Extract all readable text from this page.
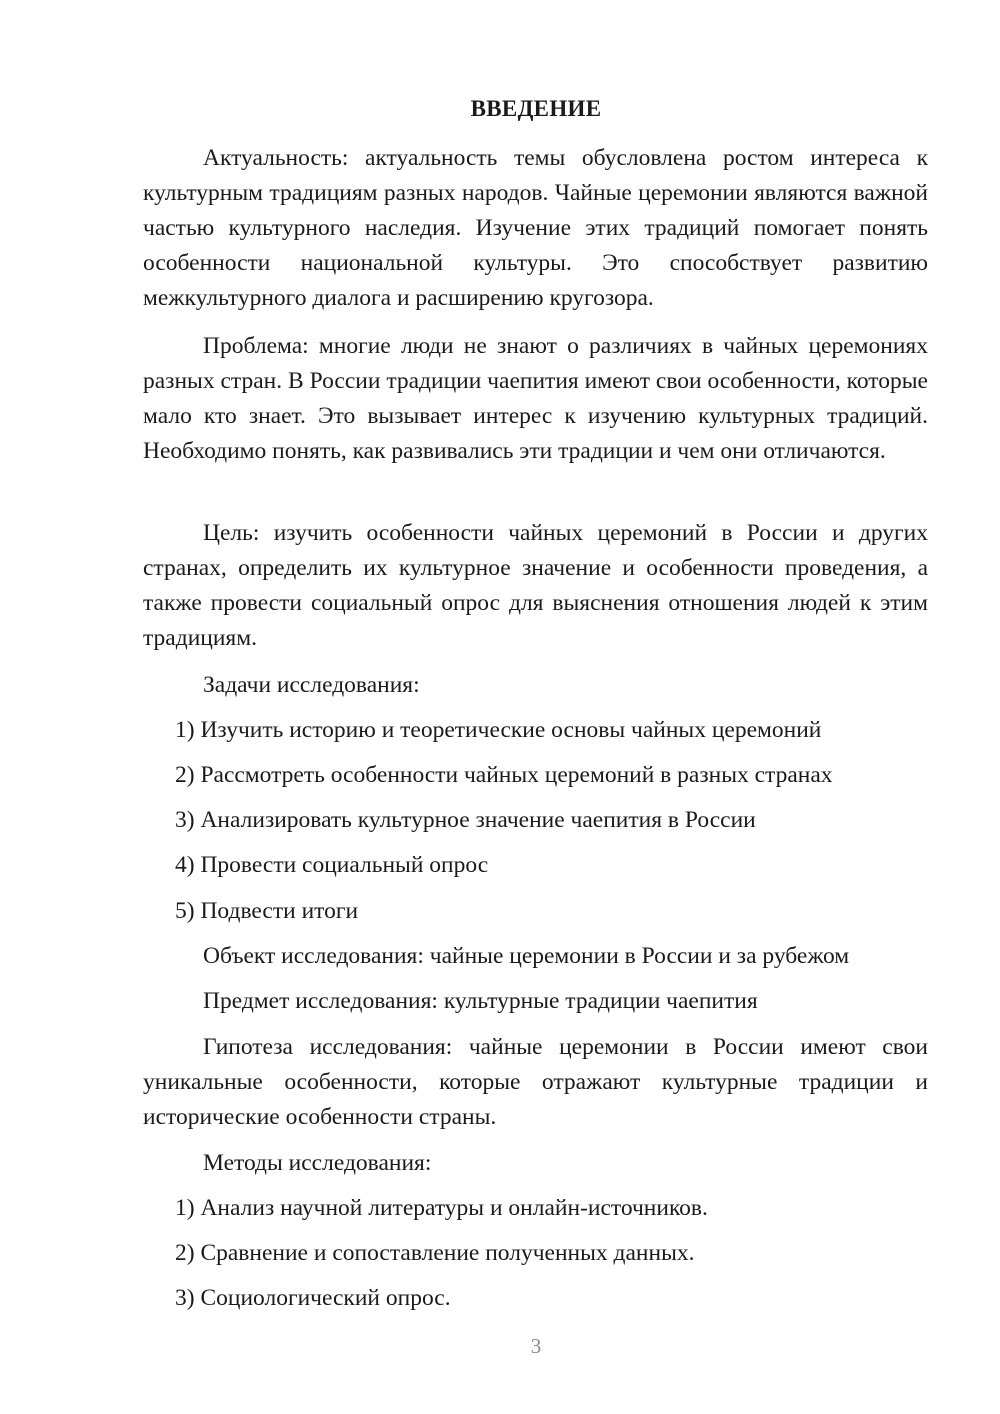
ВВЕДЕНИЕ

Актуальность: актуальность темы обусловлена ростом интереса к культурным традициям разных народов. Чайные церемонии являются важной частью культурного наследия. Изучение этих традиций помогает понять особенности национальной культуры. Это способствует развитию межкультурного диалога и расширению кругозора.

Проблема: многие люди не знают о различиях в чайных церемониях разных стран. В России традиции чаепития имеют свои особенности, которые мало кто знает. Это вызывает интерес к изучению культурных традиций. Необходимо понять, как развивались эти традиции и чем они отличаются.

Цель: изучить особенности чайных церемоний в России и других странах, определить их культурное значение и особенности проведения, а также провести социальный опрос для выяснения отношения людей к этим традициям.

Задачи исследования:
1) Изучить историю и теоретические основы чайных церемоний
2) Рассмотреть особенности чайных церемоний в разных странах
3) Анализировать культурное значение чаепития в России
4) Провести социальный опрос
5) Подвести итоги
Объект исследования: чайные церемонии в России и за рубежом
Предмет исследования: культурные традиции чаепития

Гипотеза исследования: чайные церемонии в России имеют свои уникальные особенности, которые отражают культурные традиции и исторические особенности страны.

Методы исследования:
1) Анализ научной литературы и онлайн-источников.
2) Сравнение и сопоставление полученных данных.
3) Социологический опрос.
3
